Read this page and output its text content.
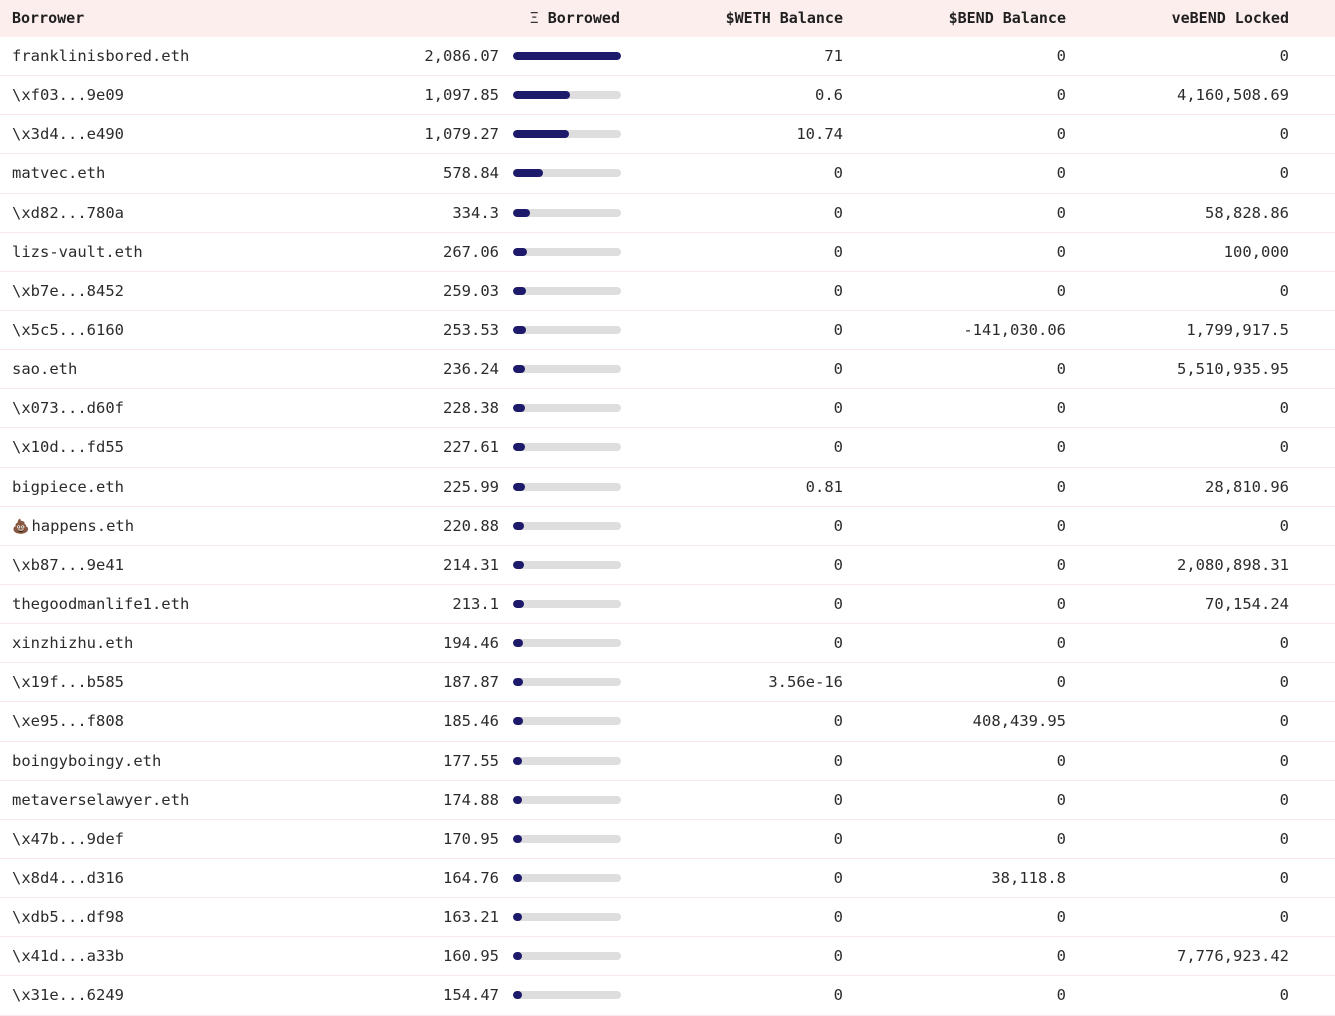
Borrower	Ξ Borrowed	$WETH Balance	$BEND Balance	veBEND Locked
franklinisbored.eth	2,086.07	71	0	0
\xf03...9e09	1,097.85	0.6	0	4,160,508.69
\x3d4...e490	1,079.27	10.74	0	0
matvec.eth	578.84	0	0	0
\xd82...780a	334.3	0	0	58,828.86
lizs-vault.eth	267.06	0	0	100,000
\xb7e...8452	259.03	0	0	0
\x5c5...6160	253.53	0	-141,030.06	1,799,917.5
sao.eth	236.24	0	0	5,510,935.95
\x073...d60f	228.38	0	0	0
\x10d...fd55	227.61	0	0	0
bigpiece.eth	225.99	0.81	0	28,810.96
💩 happens.eth	220.88	0	0	0
\xb87...9e41	214.31	0	0	2,080,898.31
thegoodmanlife1.eth	213.1	0	0	70,154.24
xinzhizhu.eth	194.46	0	0	0
\x19f...b585	187.87	3.56e-16	0	0
\xe95...f808	185.46	0	408,439.95	0
boingyboingy.eth	177.55	0	0	0
metaverselawyer.eth	174.88	0	0	0
\x47b...9def	170.95	0	0	0
\x8d4...d316	164.76	0	38,118.8	0
\xdb5...df98	163.21	0	0	0
\x41d...a33b	160.95	0	0	7,776,923.42
\x31e...6249	154.47	0	0	0
